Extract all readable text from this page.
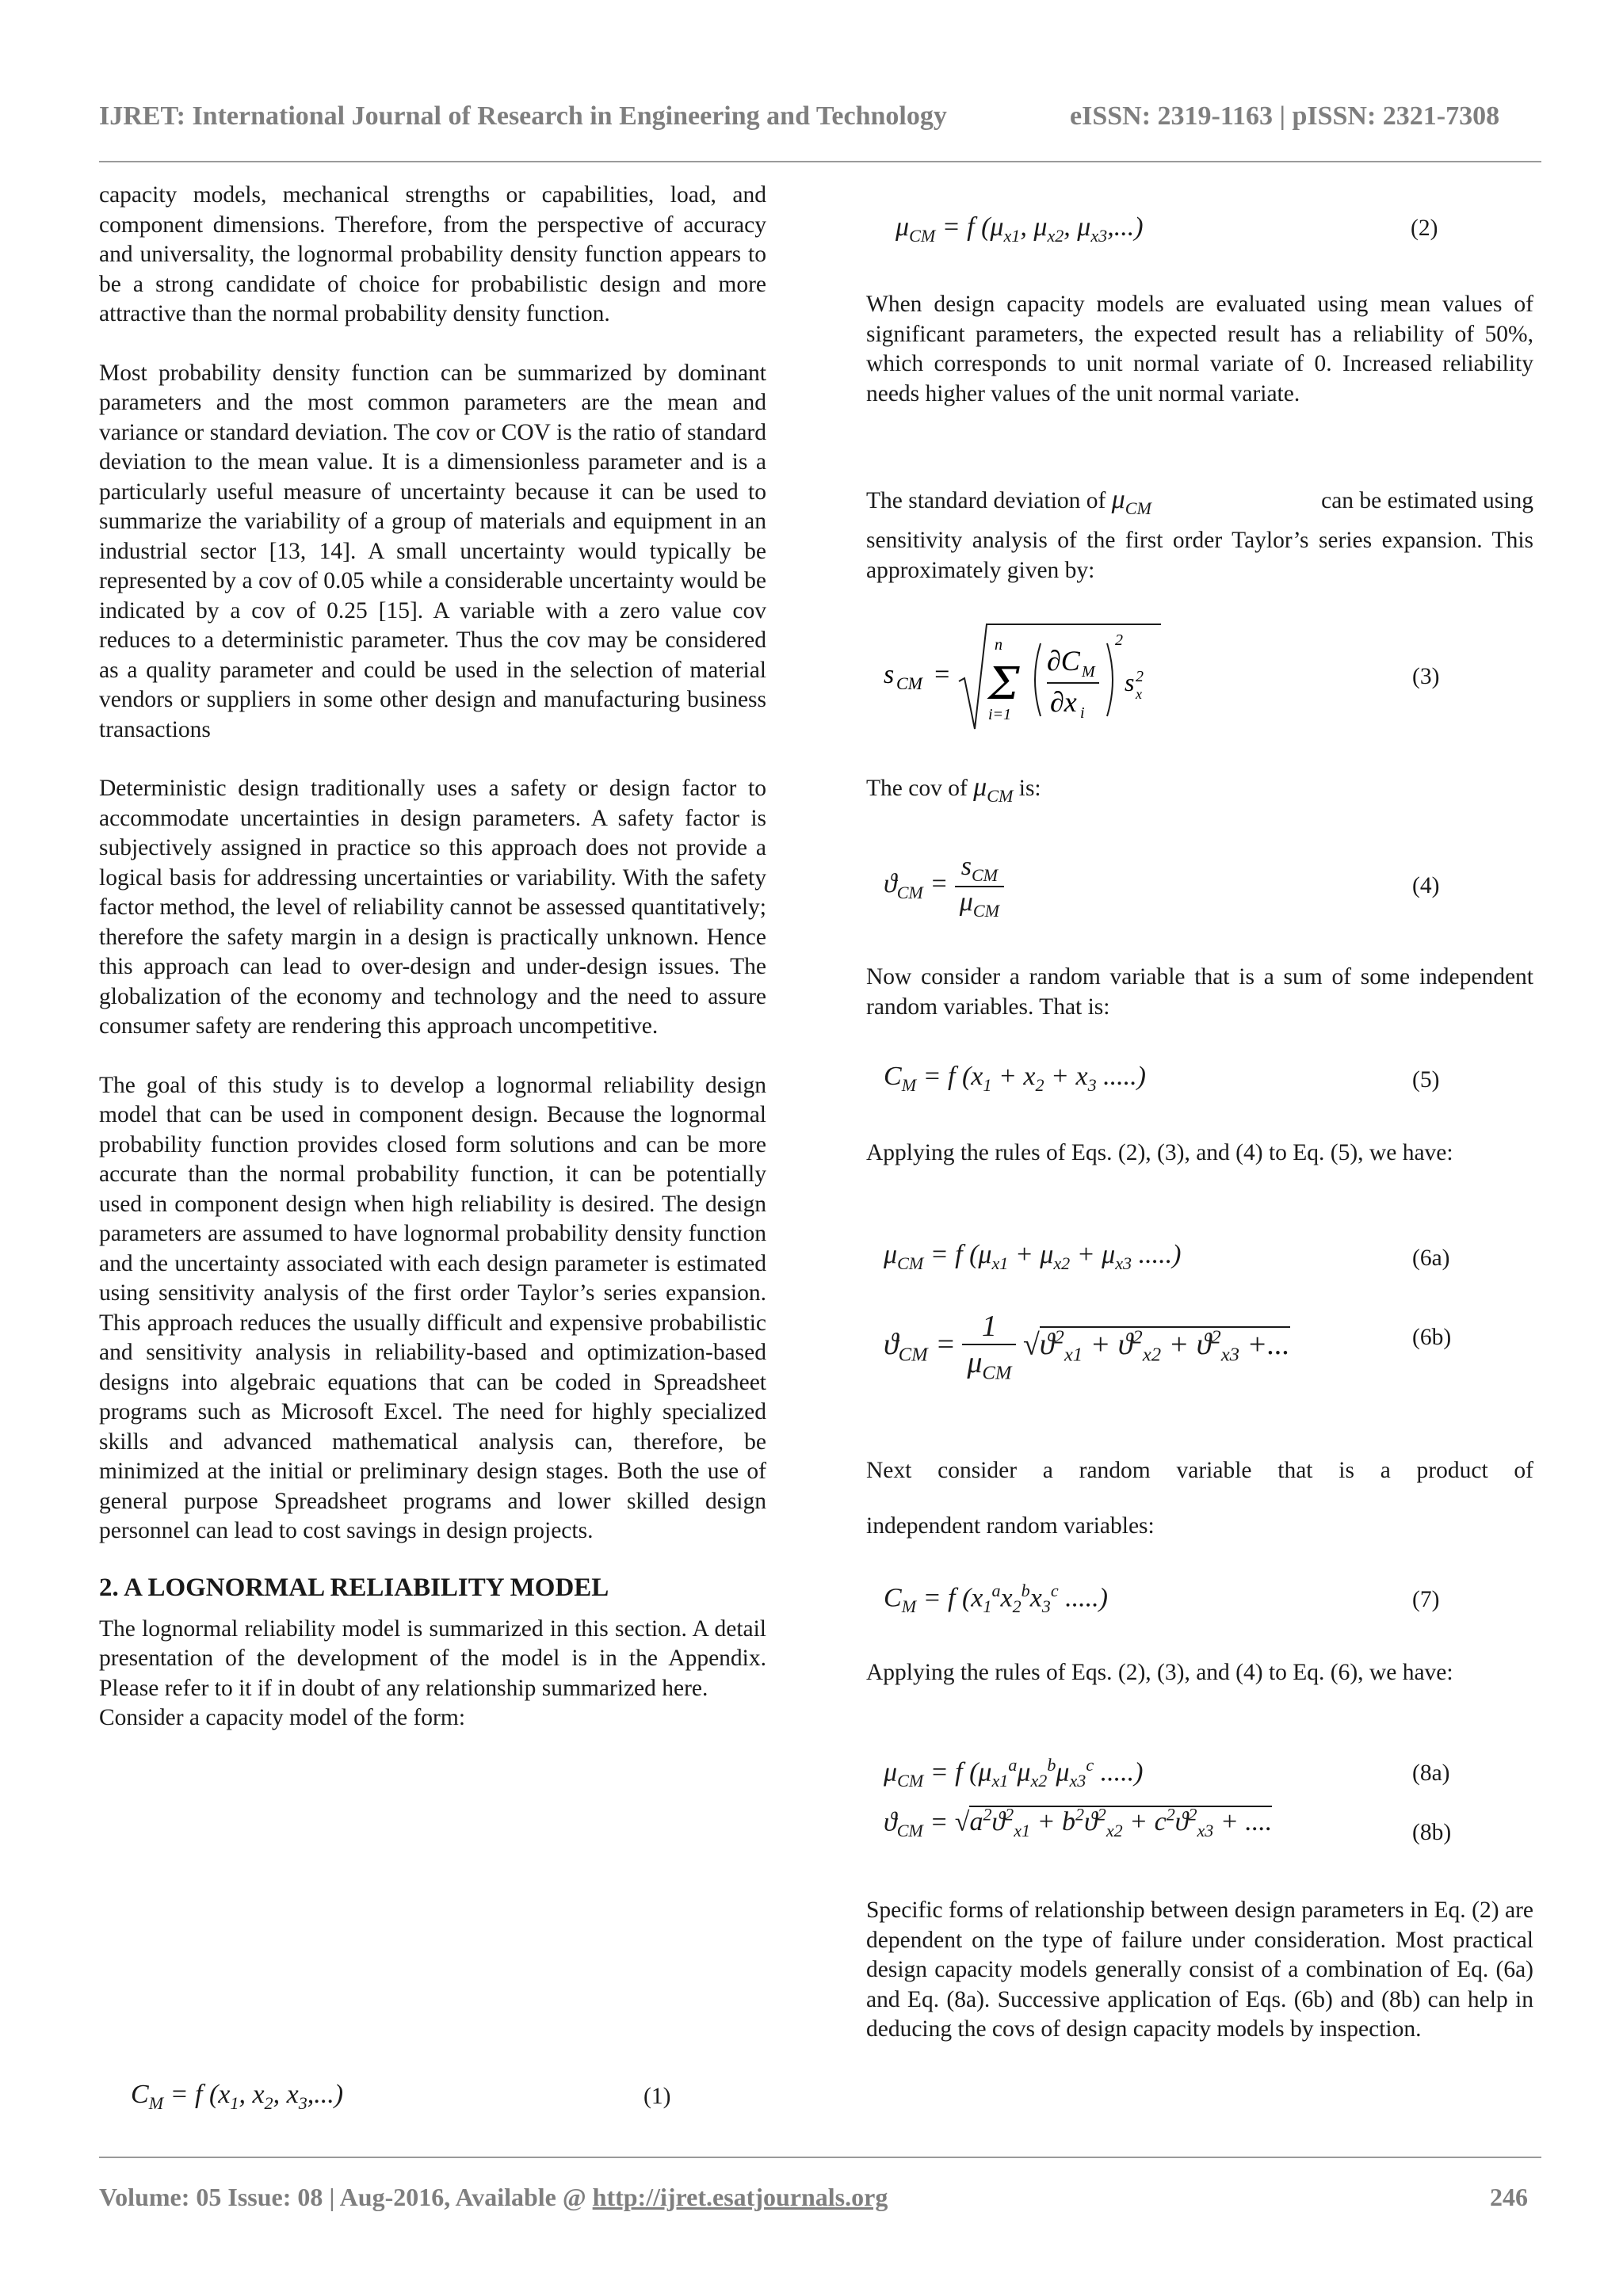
IJRET: International Journal of Research in Engineering and Technology	eISSN: 2319-1163 | pISSN: 2321-7308

capacity models, mechanical strengths or capabilities, load, and component dimensions. Therefore, from the perspective of accuracy and universality, the lognormal probability density function appears to be a strong candidate of choice for probabilistic design and more attractive than the normal probability density function.

Most probability density function can be summarized by dominant parameters and the most common parameters are the mean and variance or standard deviation. The cov or COV is the ratio of standard deviation to the mean value. It is a dimensionless parameter and is a particularly useful measure of uncertainty because it can be used to summarize the variability of a group of materials and equipment in an industrial sector [13, 14]. A small uncertainty would typically be represented by a cov of 0.05 while a considerable uncertainty would be indicated by a cov of 0.25 [15]. A variable with a zero value cov reduces to a deterministic parameter. Thus the cov may be considered as a quality parameter and could be used in the selection of material vendors or suppliers in some other design and manufacturing business transactions

Deterministic design traditionally uses a safety or design factor to accommodate uncertainties in design parameters. A safety factor is subjectively assigned in practice so this approach does not provide a logical basis for addressing uncertainties or variability. With the safety factor method, the level of reliability cannot be assessed quantitatively; therefore the safety margin in a design is practically unknown. Hence this approach can lead to over-design and under-design issues. The globalization of the economy and technology and the need to assure consumer safety are rendering this approach uncompetitive.

The goal of this study is to develop a lognormal reliability design model that can be used in component design. Because the lognormal probability function provides closed form solutions and can be more accurate than the normal probability function, it can be potentially used in component design when high reliability is desired. The design parameters are assumed to have lognormal probability density function and the uncertainty associated with each design parameter is estimated using sensitivity analysis of the first order Taylor’s series expansion. This approach reduces the usually difficult and expensive probabilistic and sensitivity analysis in reliability-based and optimization-based designs into algebraic equations that can be coded in Spreadsheet programs such as Microsoft Excel. The need for highly specialized skills and advanced mathematical analysis can, therefore, be minimized at the initial or preliminary design stages. Both the use of general purpose Spreadsheet programs and lower skilled design personnel can lead to cost savings in design projects.

2. A LOGNORMAL RELIABILITY MODEL

The lognormal reliability model is summarized in this section. A detail presentation of the development of the model is in the Appendix. Please refer to it if in doubt of any relationship summarized here.

Consider a capacity model of the form:

$C_M = f$ ($x_1$, $x_2$, $x_3$,...)	(1)
$\mu_{CM} = f$ ($\mu_{x1}$, $\mu_{x2}$, $\mu_{x3}$,...)	(2)
When design capacity models are evaluated using mean values of significant parameters, the expected result has a reliability of 50%, which corresponds to unit normal variate of 0. Increased reliability needs higher values of the unit normal variate.
The standard deviation of $\mu_{CM}$	can be estimated using
sensitivity analysis of the first order Taylor’s series expansion. This approximately given by:
s CM = Σ
n
i=1
∂C M
∂x i
2
s 2
x
(3)
The cov of $\mu_{CM}$ is:
$ϑ_{CM} = \frac{s_{CM}}{\mu_{CM}}$	(4)
Now consider a random variable that is a sum of some independent random variables. That is:
$C_M = f$ ($x_1 + x_2 + x_3$ .....)	(5)
Applying the rules of Eqs. (2), (3), and (4) to Eq. (5), we have:
$\mu_{CM} = f$ ($\mu_{x1} + \mu_{x2} + \mu_{x3}$ .....)	(6a)
$ϑ_{CM} = \frac{1}{\mu_{CM}} √ϑ^2_{x1} + ϑ^2_{x2} + ϑ^2_{x3}$ +...	(6b)
Next consider a random variable that is a product of
independent random variables:
$C_M = f$ ($x_1^ax_2^bx_3^c$ .....)	(7)
Applying the rules of Eqs. (2), (3), and (4) to Eq. (6), we have:
$\mu_{CM} = f$ ($\mu_{x1}^a\mu_{x2}^b\mu_{x3}^c$ .....)	(8a)
$ϑ_{CM} = √a^2ϑ^2_{x1} + b^2ϑ^2_{x2} + c^2ϑ^2_{x3}$ + ....	(8b)
Specific forms of relationship between design parameters in Eq. (2) are dependent on the type of failure under consideration. Most practical design capacity models generally consist of a combination of Eq. (6a) and Eq. (8a). Successive application of Eqs. (6b) and (8b) can help in deducing the covs of design capacity models by inspection.
Volume: 05 Issue: 08 | Aug-2016, Available @ http://ijret.esatjournals.org	246
